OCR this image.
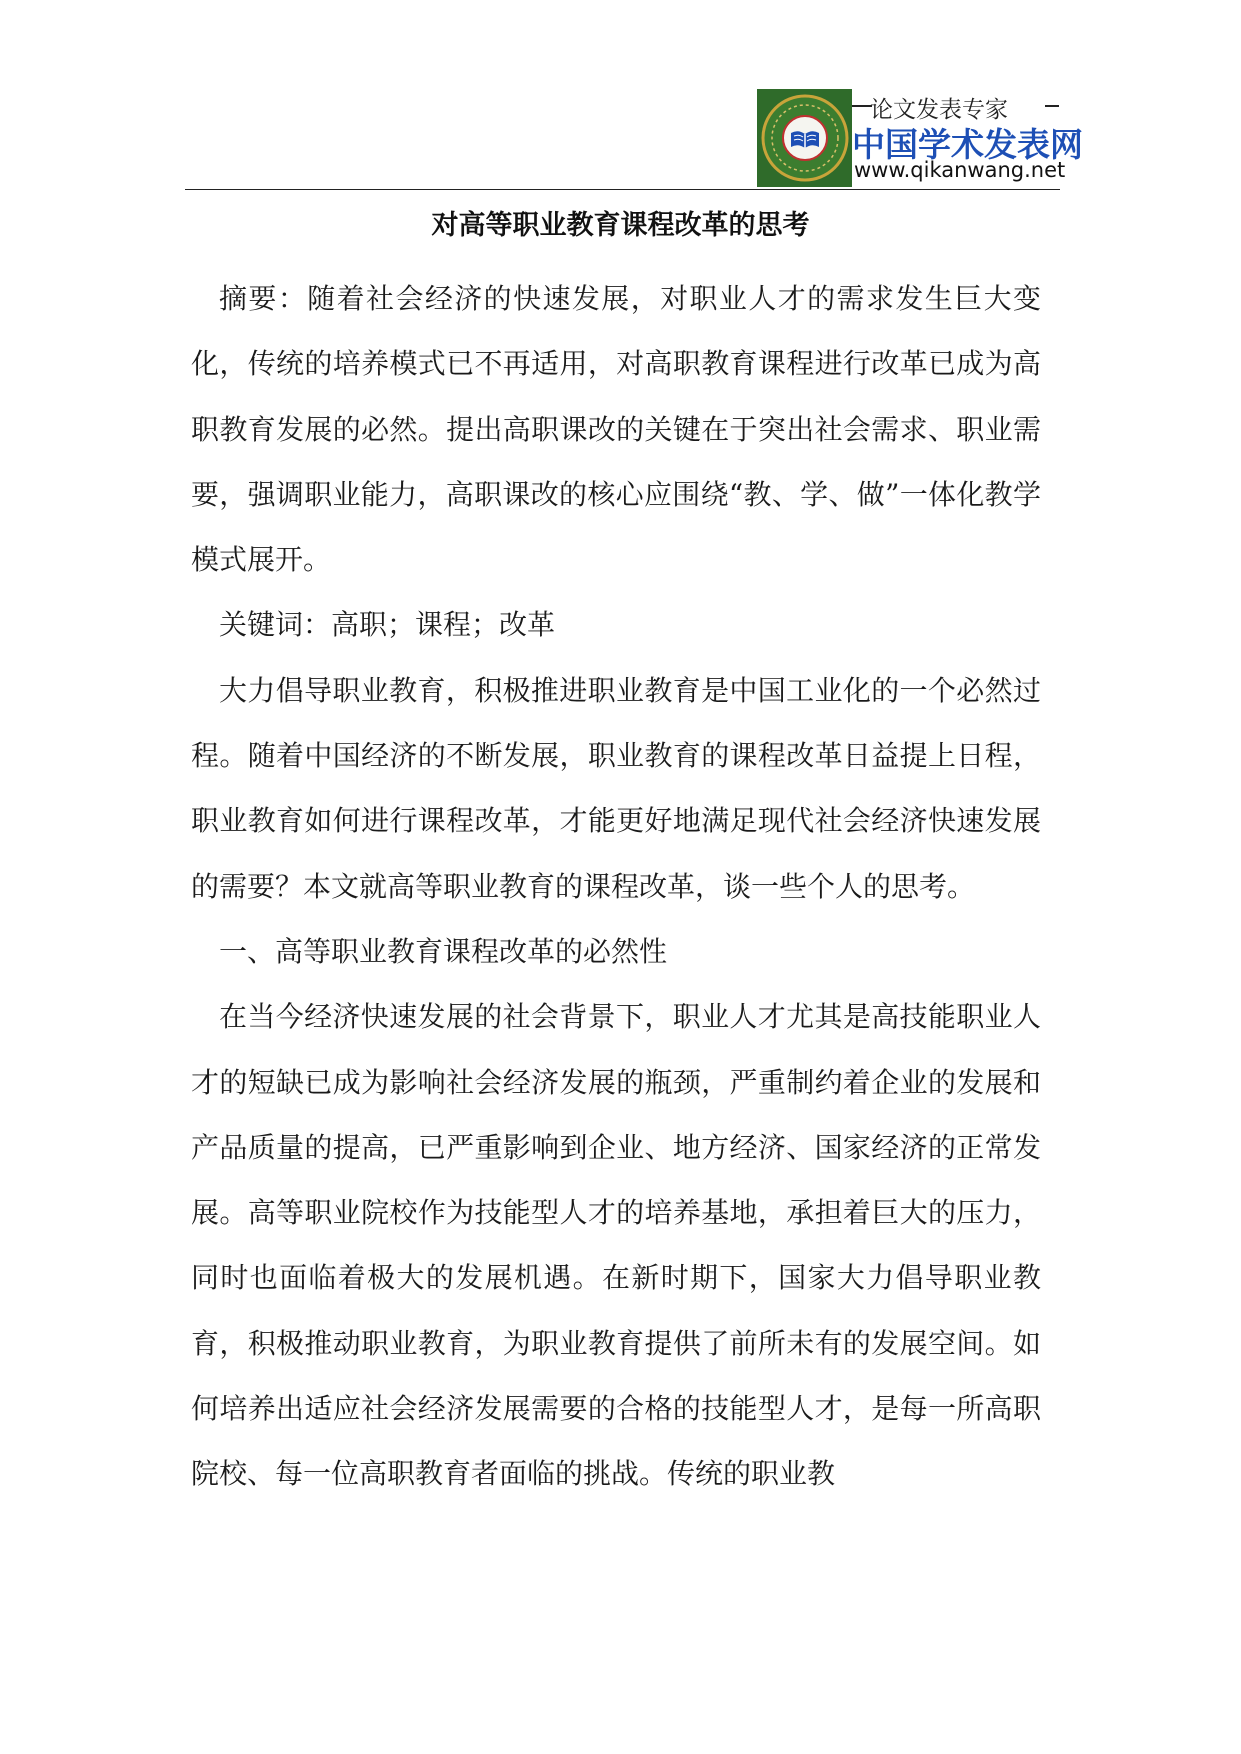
论文发表专家
中国学术发表网
www.qikanwang.net
对高等职业教育课程改革的思考

摘要：随着社会经济的快速发展，对职业人才的需求发生巨大变化，传统的培养模式已不再适用，对高职教育课程进行改革已成为高职教育发展的必然。提出高职课改的关键在于突出社会需求、职业需要，强调职业能力，高职课改的核心应围绕“教、学、做”一体化教学模式展开。

关键词：高职；课程；改革

大力倡导职业教育，积极推进职业教育是中国工业化的一个必然过程。随着中国经济的不断发展，职业教育的课程改革日益提上日程，职业教育如何进行课程改革，才能更好地满足现代社会经济快速发展的需要？本文就高等职业教育的课程改革，谈一些个人的思考。

一、高等职业教育课程改革的必然性

在当今经济快速发展的社会背景下，职业人才尤其是高技能职业人才的短缺已成为影响社会经济发展的瓶颈，严重制约着企业的发展和产品质量的提高，已严重影响到企业、地方经济、国家经济的正常发展。高等职业院校作为技能型人才的培养基地，承担着巨大的压力，同时也面临着极大的发展机遇。在新时期下，国家大力倡导职业教育，积极推动职业教育，为职业教育提供了前所未有的发展空间。如何培养出适应社会经济发展需要的合格的技能型人才，是每一所高职院校、每一位高职教育者面临的挑战。传统的职业教
